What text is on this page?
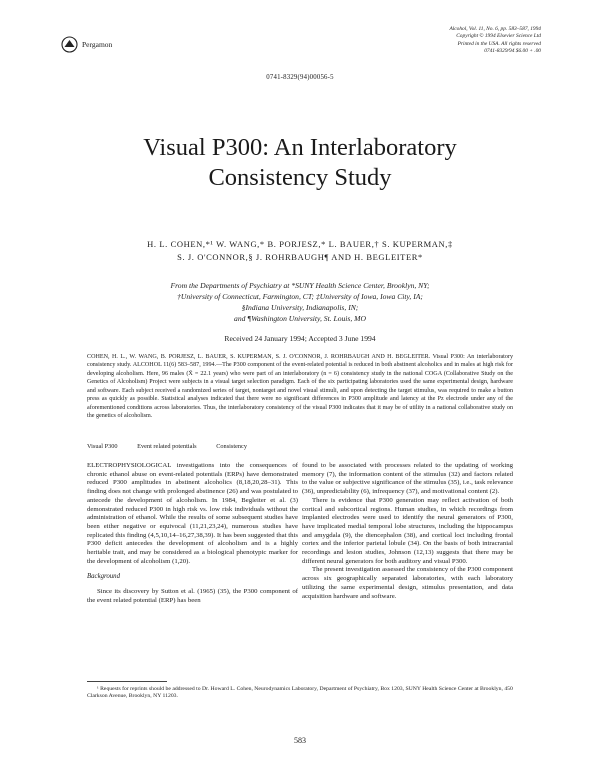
Pergamon
Alcohol, Vol. 11, No. 6, pp. 583–587, 1994
Copyright © 1994 Elsevier Science Ltd
Printed in the USA. All rights reserved
0741-8329/94 $6.00 + .00
0741-8329(94)00056-5
Visual P300: An Interlaboratory
Consistency Study
H. L. COHEN,*¹ W. WANG,* B. PORJESZ,* L. BAUER,† S. KUPERMAN,‡
S. J. O'CONNOR,§ J. ROHRBAUGH¶ AND H. BEGLEITER*
From the Departments of Psychiatry at *SUNY Health Science Center, Brooklyn, NY;
†University of Connecticut, Farmington, CT; ‡University of Iowa, Iowa City, IA;
§Indiana University, Indianapolis, IN;
and ¶Washington University, St. Louis, MO
Received 24 January 1994; Accepted 3 June 1994
COHEN, H. L., W. WANG, B. PORJESZ, L. BAUER, S. KUPERMAN, S. J. O'CONNOR, J. ROHRBAUGH AND H. BEGLEITER. Visual P300: An interlaboratory consistency study. ALCOHOL 11(6) 583–587, 1994.—The P300 component of the event-related potential is reduced in both abstinent alcoholics and in males at high risk for developing alcoholism. Here, 96 males (X̄ = 22.1 years) who were part of an interlaboratory (n = 6) consistency study in the national COGA (Collaborative Study on the Genetics of Alcoholism) Project were subjects in a visual target selection paradigm. Each of the six participating laboratories used the same experimental design, hardware and software. Each subject received a randomized series of target, nontarget and novel visual stimuli, and upon detecting the target stimulus, was required to make a button press as quickly as possible. Statistical analyses indicated that there were no significant differences in P300 amplitude and latency at the Pz electrode under any of the aforementioned conditions across laboratories. Thus, the interlaboratory consistency of the visual P300 indicates that it may be of utility in a national collaborative study on the genetics of alcoholism.
Visual P300	Event related potentials	Consistency

ELECTROPHYSIOLOGICAL investigations into the consequences of chronic ethanol abuse on event-related potentials (ERPs) have demonstrated reduced P300 amplitudes in abstinent alcoholics (8,18,20,28–31). This finding does not change with prolonged abstinence (26) and was postulated to antecede the development of alcoholism. In 1984, Begleiter et al. (3) demonstrated reduced P300 in high risk vs. low risk individuals without the administration of ethanol. While the results of some subsequent studies have been either negative or equivocal (11,21,23,24), numerous studies have replicated this finding (4,5,10,14–16,27,38,39). It has been suggested that this P300 deficit antecedes the development of alcoholism and is a highly heritable trait, and may be considered as a biological phenotypic marker for the development of alcoholism (1,20).

Background

Since its discovery by Sutton et al. (1965) (35), the P300 component of the event related potential (ERP) has been

found to be associated with processes related to the updating of working memory (7), the information content of the stimulus (32) and factors related to the value or subjective significance of the stimulus (35), i.e., task relevance (36), unpredictability (6), infrequency (37), and motivational content (2).

There is evidence that P300 generation may reflect activation of both cortical and subcortical regions. Human studies, in which recordings from implanted electrodes were used to identify the neural generators of P300, have implicated medial temporal lobe structures, including the hippocampus and amygdala (9), the diencephalon (38), and cortical loci including frontal cortex and the inferior parietal lobule (34). On the basis of both intracranial recordings and lesion studies, Johnson (12,13) suggests that there may be different neural generators for both auditory and visual P300.

The present investigation assessed the consistency of the P300 component across six geographically separated laboratories, with each laboratory utilizing the same experimental design, stimulus presentation, and data acquisition hardware and software.

¹ Requests for reprints should be addressed to Dr. Howard L. Cohen, Neurodynamics Laboratory, Department of Psychiatry, Box 1203, SUNY Health Science Center at Brooklyn, 450 Clarkson Avenue, Brooklyn, NY 11203.
583
